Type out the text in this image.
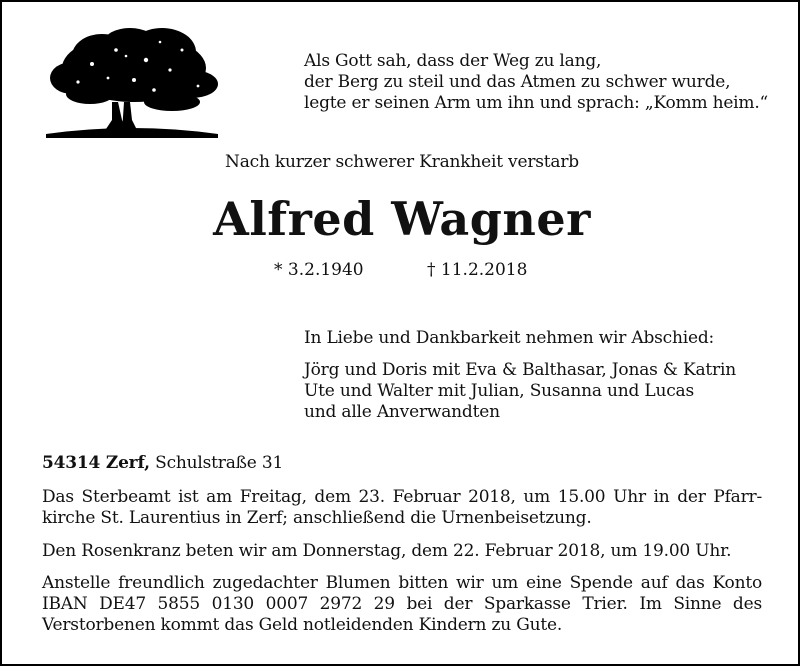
Als Gott sah, dass der Weg zu lang,
der Berg zu steil und das Atmen zu schwer wurde,
legte er seinen Arm um ihn und sprach: „Komm heim.“
Nach kurzer schwerer Krankheit verstarb
Alfred Wagner
* 3.2.1940	† 11.2.2018
In Liebe und Dankbarkeit nehmen wir Abschied:
Jörg und Doris mit Eva & Balthasar, Jonas & Katrin
Ute und Walter mit Julian, Susanna und Lucas
und alle Anverwandten
54314 Zerf, Schulstraße 31
Das Sterbeamt ist am Freitag, dem 23. Februar 2018, um 15.00 Uhr in der Pfarr-
kirche St. Laurentius in Zerf; anschließend die Urnenbeisetzung.
Den Rosenkranz beten wir am Donnerstag, dem 22. Februar 2018, um 19.00 Uhr.
Anstelle freundlich zugedachter Blumen bitten wir um eine Spende auf das Konto
IBAN DE47 5855 0130 0007 2972 29 bei der Sparkasse Trier. Im Sinne des
Verstorbenen kommt das Geld notleidenden Kindern zu Gute.
